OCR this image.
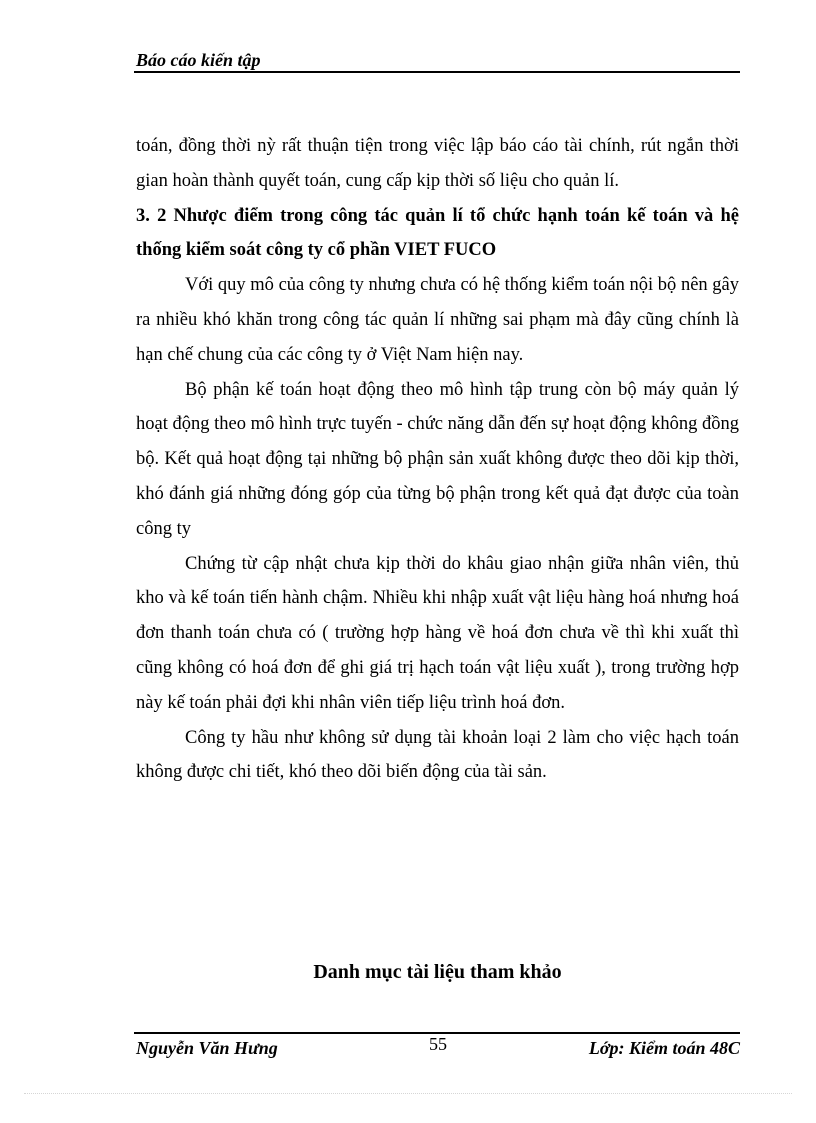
Báo cáo kiến tập

toán, đồng thời nỳ rất thuận tiện trong việc lập báo cáo tài chính, rút ngắn thời gian hoàn thành quyết toán, cung cấp kịp thời số liệu cho quản lí.

3. 2 Nhược điểm trong công tác quản lí tổ chức hạnh toán kế toán và hệ thống kiểm soát công ty cổ phần VIET FUCO

Với quy mô của công ty nhưng chưa có hệ thống kiểm toán nội bộ nên gây ra nhiều khó khăn trong công tác quản lí những sai phạm mà đây cũng chính là hạn chế chung của các công ty ở Việt Nam hiện nay.

Bộ phận kế toán hoạt động theo mô hình tập trung còn bộ máy quản lý hoạt động theo mô hình trực tuyến - chức năng dẫn đến sự hoạt động không đồng bộ. Kết quả hoạt động tại những bộ phận sản xuất không được theo dõi kịp thời, khó đánh giá những đóng góp của từng bộ phận trong kết quả đạt được của toàn công ty

Chứng từ cập nhật chưa kịp thời do khâu giao nhận giữa nhân viên, thủ kho và kế toán tiến hành chậm. Nhiều khi nhập xuất vật liệu hàng hoá nhưng hoá đơn thanh toán chưa có ( trường hợp hàng về hoá đơn chưa về thì khi xuất thì cũng không có hoá đơn để ghi giá trị hạch toán vật liệu xuất ), trong trường hợp này kế toán phải đợi khi nhân viên tiếp liệu trình hoá đơn.

Công ty hầu như không sử dụng tài khoản loại 2 làm cho việc hạch toán không được chi tiết, khó theo dõi biến động của tài sản.

Danh mục tài liệu tham khảo
Nguyễn Văn Hưng	55	Lớp: Kiểm toán 48C
